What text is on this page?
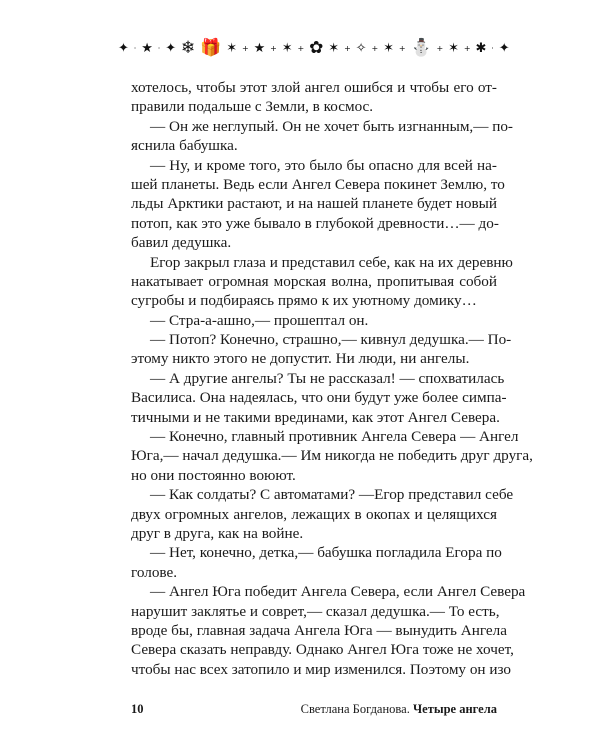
✦ · ★ · ✦ ❄ 🎁 ✶ + ★ + ✶ + ✿ ✶ + ✧ + ✶ + ⛄ + ✶ + ✱ · ✦
хотелось, чтобы этот злой ангел ошибся и чтобы его от-
правили подальше с Земли, в космос.
— Он же неглупый. Он не хочет быть изгнанным,— по-
яснила бабушка.
— Ну, и кроме того, это было бы опасно для всей на-
шей планеты. Ведь если Ангел Севера покинет Землю, то
льды Арктики растают, и на нашей планете будет новый
потоп, как это уже бывало в глубокой древности…— до-
бавил дедушка.
Егор закрыл глаза и представил себе, как на их деревню
накатывает огромная морская волна, пропитывая собой
сугробы и подбираясь прямо к их уютному домику…
— Стра-а-ашно,— прошептал он.
— Потоп? Конечно, страшно,— кивнул дедушка.— По-
этому никто этого не допустит. Ни люди, ни ангелы.
— А другие ангелы? Ты не рассказал! — спохватилась
Василиса. Она надеялась, что они будут уже более симпа-
тичными и не такими врединами, как этот Ангел Севера.
— Конечно, главный противник Ангела Севера — Ангел
Юга,— начал дедушка.— Им никогда не победить друг друга,
но они постоянно воюют.
— Как солдаты? С автоматами? —Егор представил себе
двух огромных ангелов, лежащих в окопах и целящихся
друг в друга, как на войне.
— Нет, конечно, детка,— бабушка погладила Егора по
голове.
— Ангел Юга победит Ангела Севера, если Ангел Севера
нарушит заклятье и соврет,— сказал дедушка.— То есть,
вроде бы, главная задача Ангела Юга — вынудить Ангела
Севера сказать неправду. Однако Ангел Юга тоже не хочет,
чтобы нас всех затопило и мир изменился. Поэтому он изо
10	Светлана Богданова. Четыре ангела
